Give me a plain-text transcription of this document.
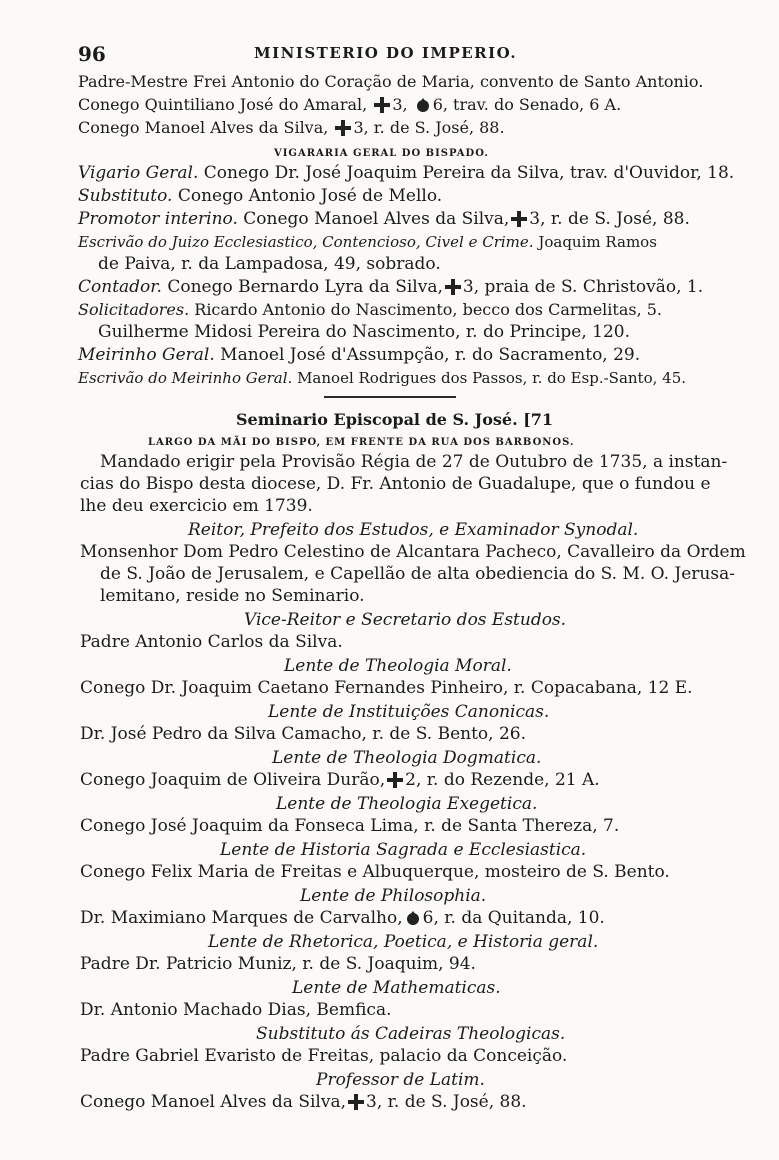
96	MINISTERIO DO IMPERIO.
Padre-Mestre Frei Antonio do Coração de Maria, convento de Santo Antonio.
Conego Quintiliano José do Amaral, 3, 6, trav. do Senado, 6 A.
Conego Manoel Alves da Silva, 3, r. de S. José, 88.
VIGARARIA GERAL DO BISPADO.
Vigario Geral. Conego Dr. José Joaquim Pereira da Silva, trav. d'Ouvidor, 18.
Substituto. Conego Antonio José de Mello.
Promotor interino. Conego Manoel Alves da Silva, 3, r. de S. José, 88.
Escrivão do Juizo Ecclesiastico, Contencioso, Civel e Crime. Joaquim Ramos
de Paiva, r. da Lampadosa, 49, sobrado.
Contador. Conego Bernardo Lyra da Silva, 3, praia de S. Christovão, 1.
Solicitadores. Ricardo Antonio do Nascimento, becco dos Carmelitas, 5.
Guilherme Midosi Pereira do Nascimento, r. do Principe, 120.
Meirinho Geral. Manoel José d'Assumpção, r. do Sacramento, 29.
Escrivão do Meirinho Geral. Manoel Rodrigues dos Passos, r. do Esp.-Santo, 45.
Seminario Episcopal de S. José. [71
LARGO DA MÃI DO BISPO, EM FRENTE DA RUA DOS BARBONOS.
Mandado erigir pela Provisão Régia de 27 de Outubro de 1735, a instan-
cias do Bispo desta diocese, D. Fr. Antonio de Guadalupe, que o fundou e
lhe deu exercicio em 1739.
Reitor, Prefeito dos Estudos, e Examinador Synodal.
Monsenhor Dom Pedro Celestino de Alcantara Pacheco, Cavalleiro da Ordem
de S. João de Jerusalem, e Capellão de alta obediencia do S. M. O. Jerusa-
lemitano, reside no Seminario.
Vice-Reitor e Secretario dos Estudos.
Padre Antonio Carlos da Silva.
Lente de Theologia Moral.
Conego Dr. Joaquim Caetano Fernandes Pinheiro, r. Copacabana, 12 E.
Lente de Instituições Canonicas.
Dr. José Pedro da Silva Camacho, r. de S. Bento, 26.
Lente de Theologia Dogmatica.
Conego Joaquim de Oliveira Durão, 2, r. do Rezende, 21 A.
Lente de Theologia Exegetica.
Conego José Joaquim da Fonseca Lima, r. de Santa Thereza, 7.
Lente de Historia Sagrada e Ecclesiastica.
Conego Felix Maria de Freitas e Albuquerque, mosteiro de S. Bento.
Lente de Philosophia.
Dr. Maximiano Marques de Carvalho, 6, r. da Quitanda, 10.
Lente de Rhetorica, Poetica, e Historia geral.
Padre Dr. Patricio Muniz, r. de S. Joaquim, 94.
Lente de Mathematicas.
Dr. Antonio Machado Dias, Bemfica.
Substituto ás Cadeiras Theologicas.
Padre Gabriel Evaristo de Freitas, palacio da Conceição.
Professor de Latim.
Conego Manoel Alves da Silva, 3, r. de S. José, 88.
